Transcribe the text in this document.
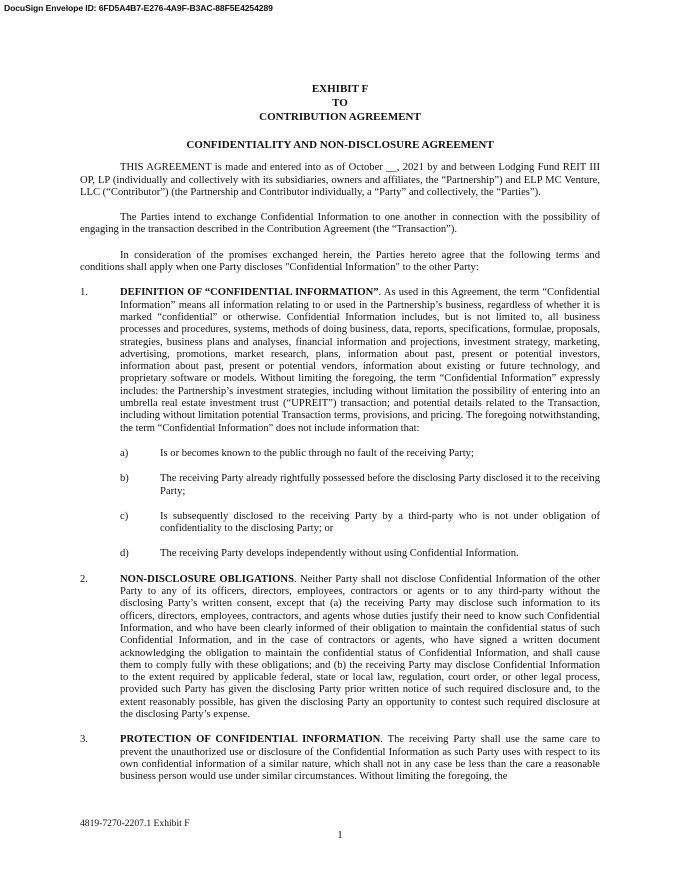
DocuSign Envelope ID: 6FD5A4B7-E276-4A9F-B3AC-88F5E4254289
EXHIBIT F
TO
CONTRIBUTION AGREEMENT
CONFIDENTIALITY AND NON-DISCLOSURE AGREEMENT
THIS AGREEMENT is made and entered into as of October __, 2021 by and between Lodging Fund REIT III OP, LP (individually and collectively with its subsidiaries, owners and affiliates, the “Partnership”) and ELP MC Venture, LLC (“Contributor”) (the Partnership and Contributor individually, a “Party” and collectively, the “Parties”).
The Parties intend to exchange Confidential Information to one another in connection with the possibility of engaging in the transaction described in the Contribution Agreement (the “Transaction”).
In consideration of the promises exchanged herein, the Parties hereto agree that the following terms and conditions shall apply when one Party discloses "Confidential Information" to the other Party:
1.	DEFINITION OF “CONFIDENTIAL INFORMATION”. As used in this Agreement, the term “Confidential Information” means all information relating to or used in the Partnership’s business, regardless of whether it is marked “confidential” or otherwise. Confidential Information includes, but is not limited to, all business processes and procedures, systems, methods of doing business, data, reports, specifications, formulae, proposals, strategies, business plans and analyses, financial information and projections, investment strategy, marketing, advertising, promotions, market research, plans, information about past, present or potential investors, information about past, present or potential vendors, information about existing or future technology, and proprietary software or models. Without limiting the foregoing, the term “Confidential Information” expressly includes: the Partnership’s investment strategies, including without limitation the possibility of entering into an umbrella real estate investment trust (“UPREIT”) transaction; and potential details related to the Transaction, including without limitation potential Transaction terms, provisions, and pricing. The foregoing notwithstanding, the term “Confidential Information” does not include information that:
a)	Is or becomes known to the public through no fault of the receiving Party;
b)	The receiving Party already rightfully possessed before the disclosing Party disclosed it to the receiving Party;
c)	Is subsequently disclosed to the receiving Party by a third-party who is not under obligation of confidentiality to the disclosing Party; or
d)	The receiving Party develops independently without using Confidential Information.
2.	NON-DISCLOSURE OBLIGATIONS. Neither Party shall not disclose Confidential Information of the other Party to any of its officers, directors, employees, contractors or agents or to any third-party without the disclosing Party’s written consent, except that (a) the receiving Party may disclose such information to its officers, directors, employees, contractors, and agents whose duties justify their need to know such Confidential Information, and who have been clearly informed of their obligation to maintain the confidential status of such Confidential Information, and in the case of contractors or agents, who have signed a written document acknowledging the obligation to maintain the confidential status of Confidential Information, and shall cause them to comply fully with these obligations; and (b) the receiving Party may disclose Confidential Information to the extent required by applicable federal, state or local law, regulation, court order, or other legal process, provided such Party has given the disclosing Party prior written notice of such required disclosure and, to the extent reasonably possible, has given the disclosing Party an opportunity to contest such required disclosure at the disclosing Party’s expense.
3.	PROTECTION OF CONFIDENTIAL INFORMATION. The receiving Party shall use the same care to prevent the unauthorized use or disclosure of the Confidential Information as such Party uses with respect to its own confidential information of a similar nature, which shall not in any case be less than the care a reasonable business person would use under similar circumstances. Without limiting the foregoing, the
4819-7270-2207.1 Exhibit F
1
